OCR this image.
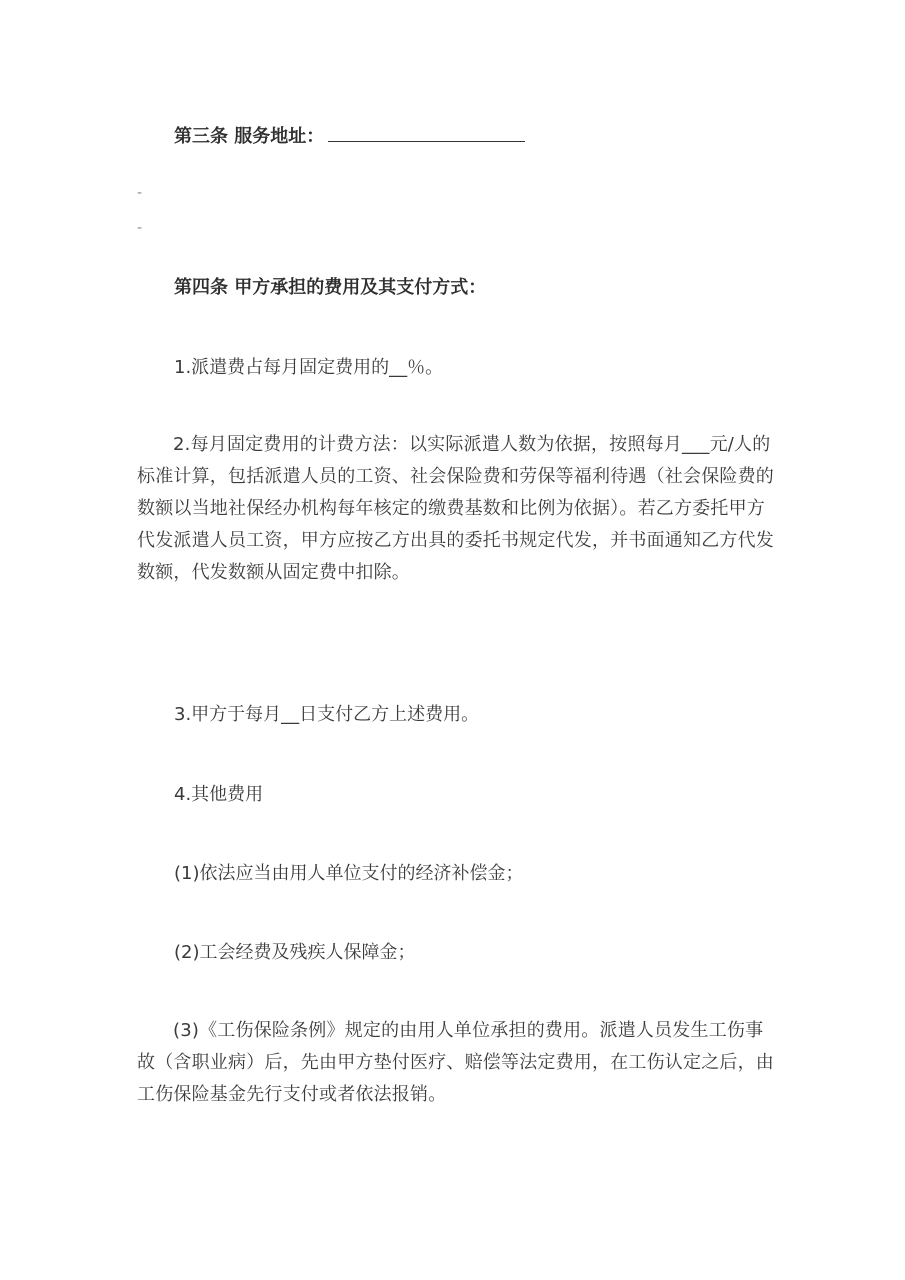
第三条 服务地址：
-
-
第四条 甲方承担的费用及其支付方式：
1.派遣费占每月固定费用的__％。
2.每月固定费用的计费方法：以实际派遣人数为依据，按照每月___元/人的标准计算，包括派遣人员的工资、社会保险费和劳保等福利待遇（社会保险费的数额以当地社保经办机构每年核定的缴费基数和比例为依据）。若乙方委托甲方代发派遣人员工资，甲方应按乙方出具的委托书规定代发，并书面通知乙方代发数额，代发数额从固定费中扣除。
3.甲方于每月__日支付乙方上述费用。
4.其他费用
(1)依法应当由用人单位支付的经济补偿金；
(2)工会经费及残疾人保障金；
(3)《工伤保险条例》规定的由用人单位承担的费用。派遣人员发生工伤事故（含职业病）后，先由甲方垫付医疗、赔偿等法定费用，在工伤认定之后，由工伤保险基金先行支付或者依法报销。
